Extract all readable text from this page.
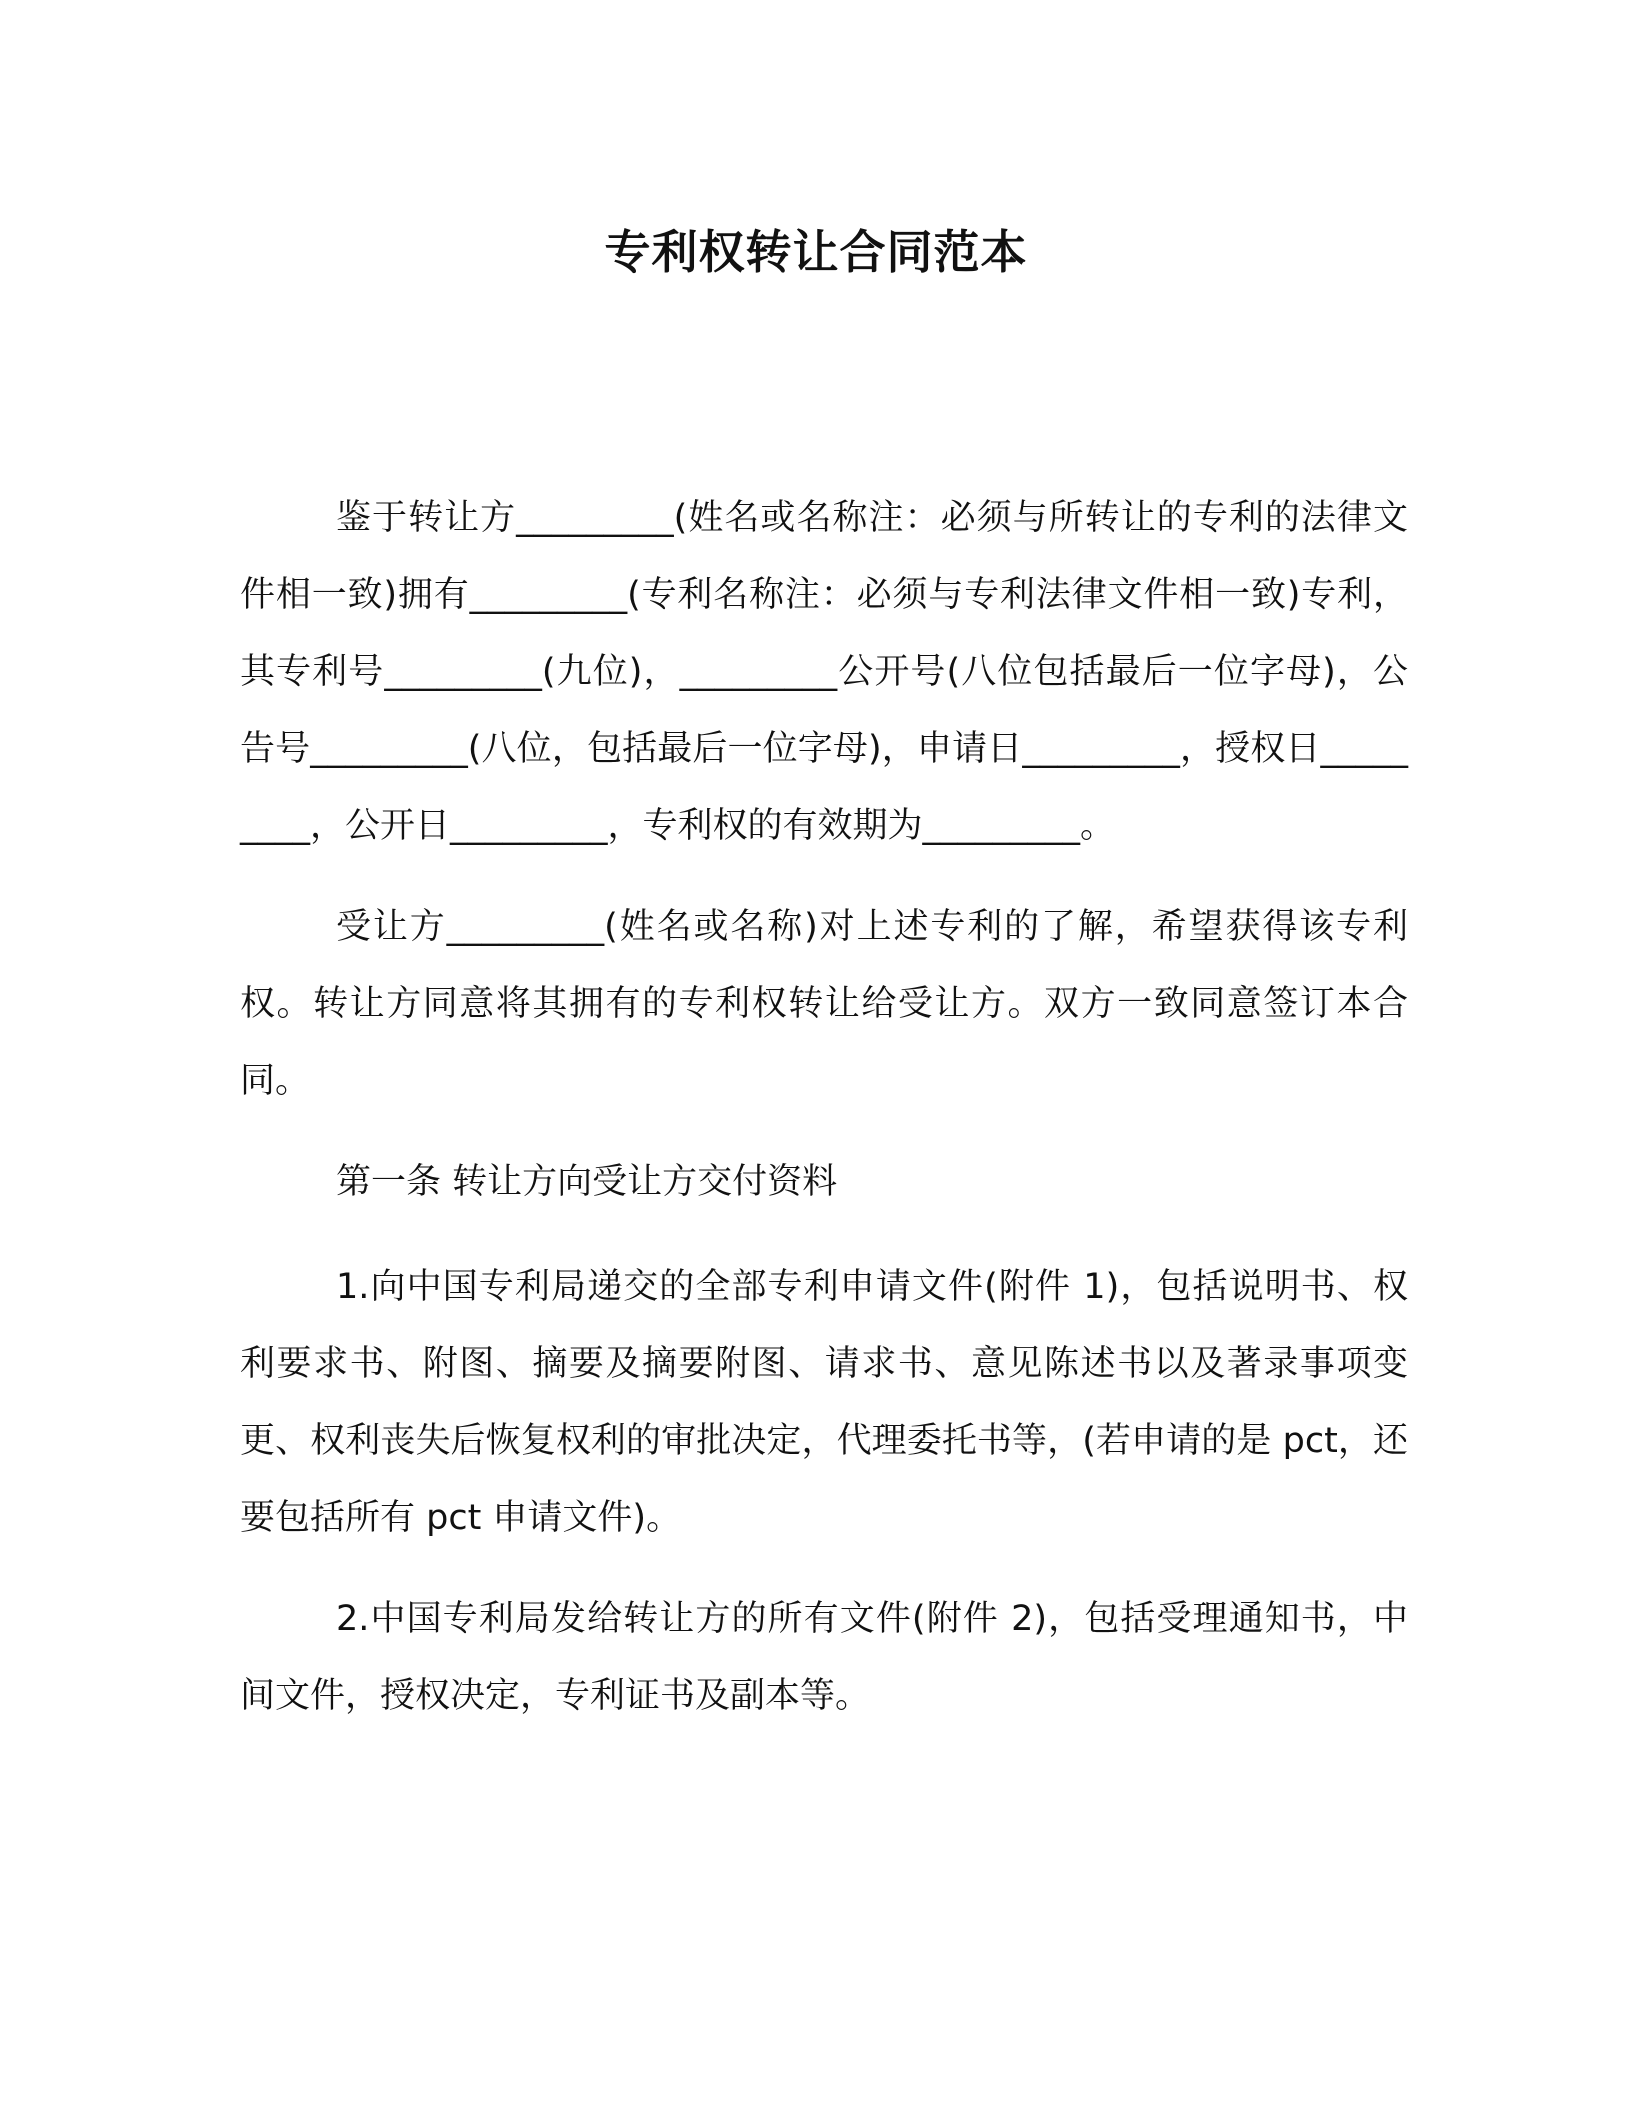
专利权转让合同范本

鉴于转让方_________(姓名或名称注：必须与所转让的专利的法律文件相一致)拥有_________(专利名称注：必须与专利法律文件相一致)专利，其专利号_________(九位)，_________公开号(八位包括最后一位字母)，公告号_________(八位，包括最后一位字母)，申请日_________，授权日_________，公开日_________，专利权的有效期为_________。

受让方_________(姓名或名称)对上述专利的了解，希望获得该专利权。转让方同意将其拥有的专利权转让给受让方。双方一致同意签订本合同。

第一条 转让方向受让方交付资料

1.向中国专利局递交的全部专利申请文件(附件 1)，包括说明书、权利要求书、附图、摘要及摘要附图、请求书、意见陈述书以及著录事项变更、权利丧失后恢复权利的审批决定，代理委托书等，(若申请的是 pct，还要包括所有 pct 申请文件)。

2.中国专利局发给转让方的所有文件(附件 2)，包括受理通知书，中间文件，授权决定，专利证书及副本等。
